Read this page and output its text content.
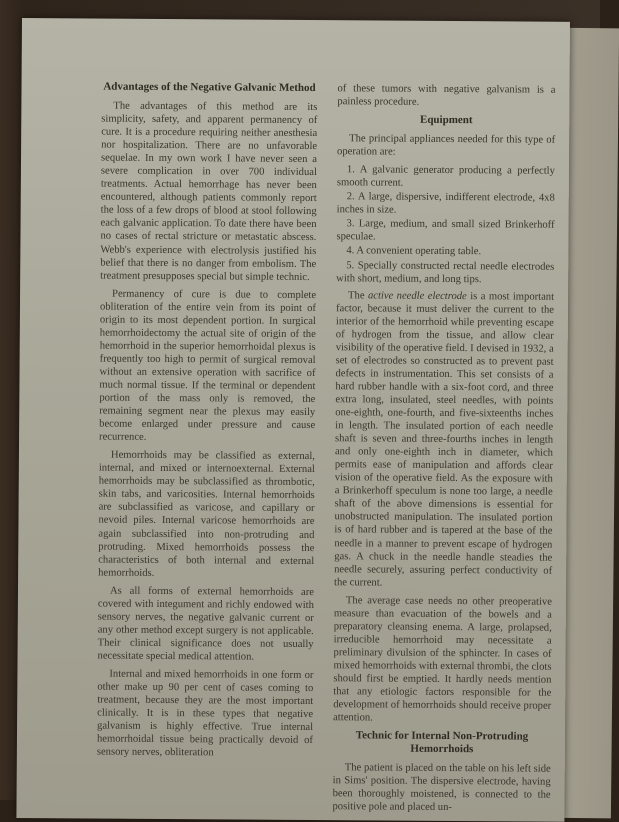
Advantages of the Negative Galvanic Method

The advantages of this method are its simplicity, safety, and apparent permanency of cure. It is a procedure requiring neither anesthesia nor hospitalization. There are no unfavorable sequelae. In my own work I have never seen a severe complication in over 700 individual treatments. Actual hemorrhage has never been encountered, although patients commonly report the loss of a few drops of blood at stool following each galvanic application. To date there have been no cases of rectal stricture or metastatic abscess. Webb's experience with electrolysis justified his belief that there is no danger from embolism. The treatment presupposes special but simple technic.

Permanency of cure is due to complete obliteration of the entire vein from its point of origin to its most dependent portion. In surgical hemorrhoidectomy the actual site of origin of the hemorrhoid in the superior hemorrhoidal plexus is frequently too high to permit of surgical removal without an extensive operation with sacrifice of much normal tissue. If the terminal or dependent portion of the mass only is removed, the remaining segment near the plexus may easily become enlarged under pressure and cause recurrence.

Hemorrhoids may be classified as external, internal, and mixed or internoexternal. External hemorrhoids may be subclassified as thrombotic, skin tabs, and varicosities. Internal hemorrhoids are subclassified as varicose, and capillary or nevoid piles. Internal varicose hemorrhoids are again subclassified into non-protruding and protruding. Mixed hemorrhoids possess the characteristics of both internal and external hemorrhoids.

As all forms of external hemorrhoids are covered with integument and richly endowed with sensory nerves, the negative galvanic current or any other method except surgery is not applicable. Their clinical significance does not usually necessitate special medical attention.

Internal and mixed hemorrhoids in one form or other make up 90 per cent of cases coming to treatment, because they are the most important clinically. It is in these types that negative galvanism is highly effective. True internal hemorrhoidal tissue being practically devoid of sensory nerves, obliteration

of these tumors with negative galvanism is a painless procedure.

Equipment

The principal appliances needed for this type of operation are:

1. A galvanic generator producing a perfectly smooth current.
2. A large, dispersive, indifferent electrode, 4x8 inches in size.
3. Large, medium, and small sized Brinkerhoff speculae.
4. A convenient operating table.
5. Specially constructed rectal needle electrodes with short, medium, and long tips.

The active needle electrode is a most important factor, because it must deliver the current to the interior of the hemorrhoid while preventing escape of hydrogen from the tissue, and allow clear visibility of the operative field. I devised in 1932, a set of electrodes so constructed as to prevent past defects in instrumentation. This set consists of a hard rubber handle with a six-foot cord, and three extra long, insulated, steel needles, with points one-eighth, one-fourth, and five-sixteenths inches in length. The insulated portion of each needle shaft is seven and three-fourths inches in length and only one-eighth inch in diameter, which permits ease of manipulation and affords clear vision of the operative field. As the exposure with a Brinkerhoff speculum is none too large, a needle shaft of the above dimensions is essential for unobstructed manipulation. The insulated portion is of hard rubber and is tapered at the base of the needle in a manner to prevent escape of hydrogen gas. A chuck in the needle handle steadies the needle securely, assuring perfect conductivity of the current.

The average case needs no other preoperative measure than evacuation of the bowels and a preparatory cleansing enema. A large, prolapsed, irreducible hemorrhoid may necessitate a preliminary divulsion of the sphincter. In cases of mixed hemorrhoids with external thrombi, the clots should first be emptied. It hardly needs mention that any etiologic factors responsible for the development of hemorrhoids should receive proper attention.

Technic for Internal Non-Protruding Hemorrhoids

The patient is placed on the table on his left side in Sims' position. The dispersive electrode, having been thoroughly moistened, is connected to the positive pole and placed un-
